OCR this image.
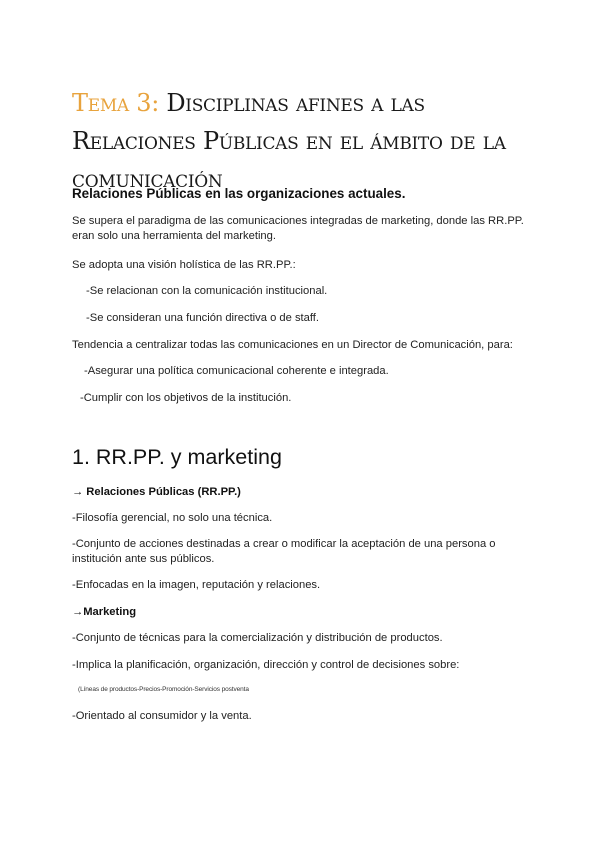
Tema 3: Disciplinas afines a las Relaciones Públicas en el ámbito de la comunicación
Relaciones Públicas en las organizaciones actuales.
Se supera el paradigma de las comunicaciones integradas de marketing, donde las RR.PP. eran solo una herramienta del marketing.
Se adopta una visión holística de las RR.PP.:
-Se relacionan con la comunicación institucional.
-Se consideran una función directiva o de staff.
Tendencia a centralizar todas las comunicaciones en un Director de Comunicación, para:
-Asegurar una política comunicacional coherente e integrada.
-Cumplir con los objetivos de la institución.
1. RR.PP. y marketing
→ Relaciones Públicas (RR.PP.)
-Filosofía gerencial, no solo una técnica.
-Conjunto de acciones destinadas a crear o modificar la aceptación de una persona o institución ante sus públicos.
-Enfocadas en la imagen, reputación y relaciones.
→Marketing
-Conjunto de técnicas para la comercialización y distribución de productos.
-Implica la planificación, organización, dirección y control de decisiones sobre:
(Líneas de productos-Precios-Promoción-Servicios postventa
-Orientado al consumidor y la venta.
